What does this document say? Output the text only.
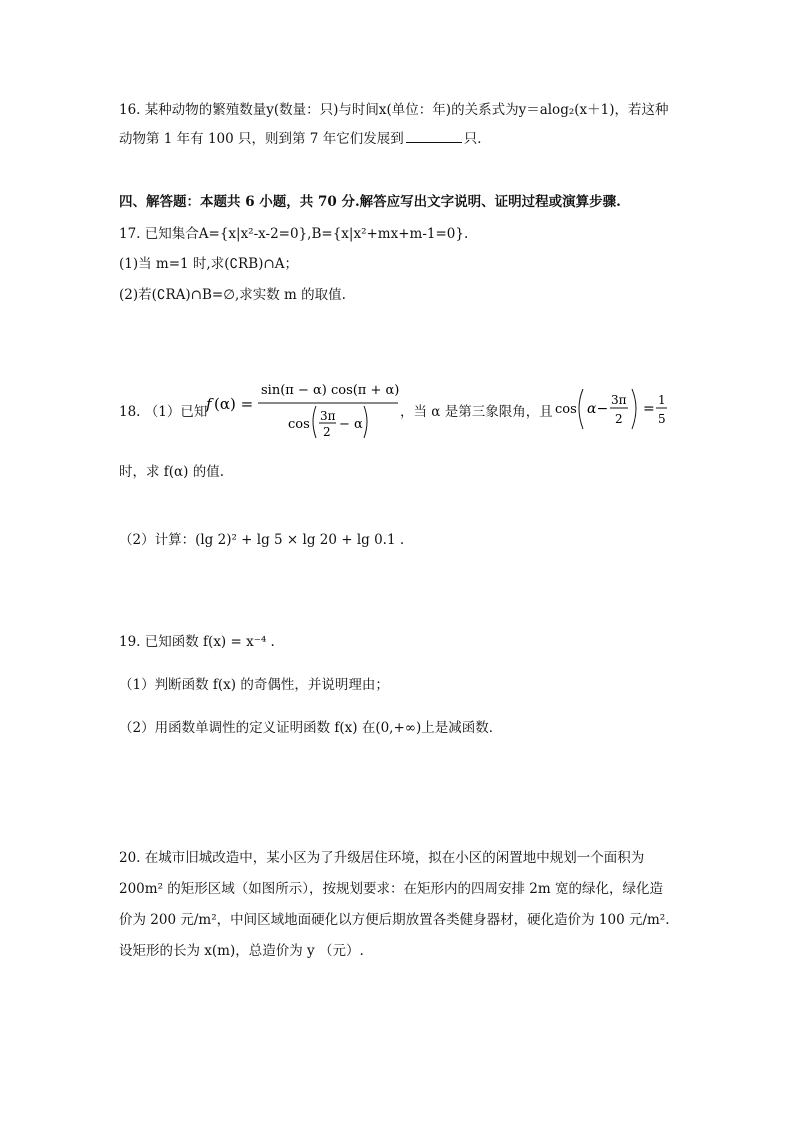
16. 某种动物的繁殖数量y(数量：只)与时间x(单位：年)的关系式为y＝alog₂(x＋1)，若这种
动物第 1 年有 100 只，则到第 7 年它们发展到	只．
四、解答题：本题共 6 小题，共 70 分.解答应写出文字说明、证明过程或演算步骤.
17. 已知集合A={x|x²-x-2=0},B={x|x²+mx+m-1=0}.
(1)当 m=1 时,求(∁RB)∩A；
(2)若(∁RA)∩B=∅,求实数 m 的取值.
18. （1）已知
f (α) =
sin(π − α) cos(π + α)
cos
3π
2 − α
，当 α 是第三象限角，且 cos α−
3π
2
=
1
5
时，求 f(α) 的值.
（2）计算：(lg 2)² + lg 5 × lg 20 + lg 0.1 .
19. 已知函数 f(x) = x⁻⁴ .
（1）判断函数 f(x) 的奇偶性，并说明理由；
（2）用函数单调性的定义证明函数 f(x) 在(0,+∞)上是减函数．
20. 在城市旧城改造中，某小区为了升级居住环境，拟在小区的闲置地中规划一个面积为
200m² 的矩形区域（如图所示），按规划要求：在矩形内的四周安排 2m 宽的绿化，绿化造
价为 200 元/m²，中间区域地面硬化以方便后期放置各类健身器材，硬化造价为 100 元/m².
设矩形的长为 x(m)，总造价为 y （元）.
